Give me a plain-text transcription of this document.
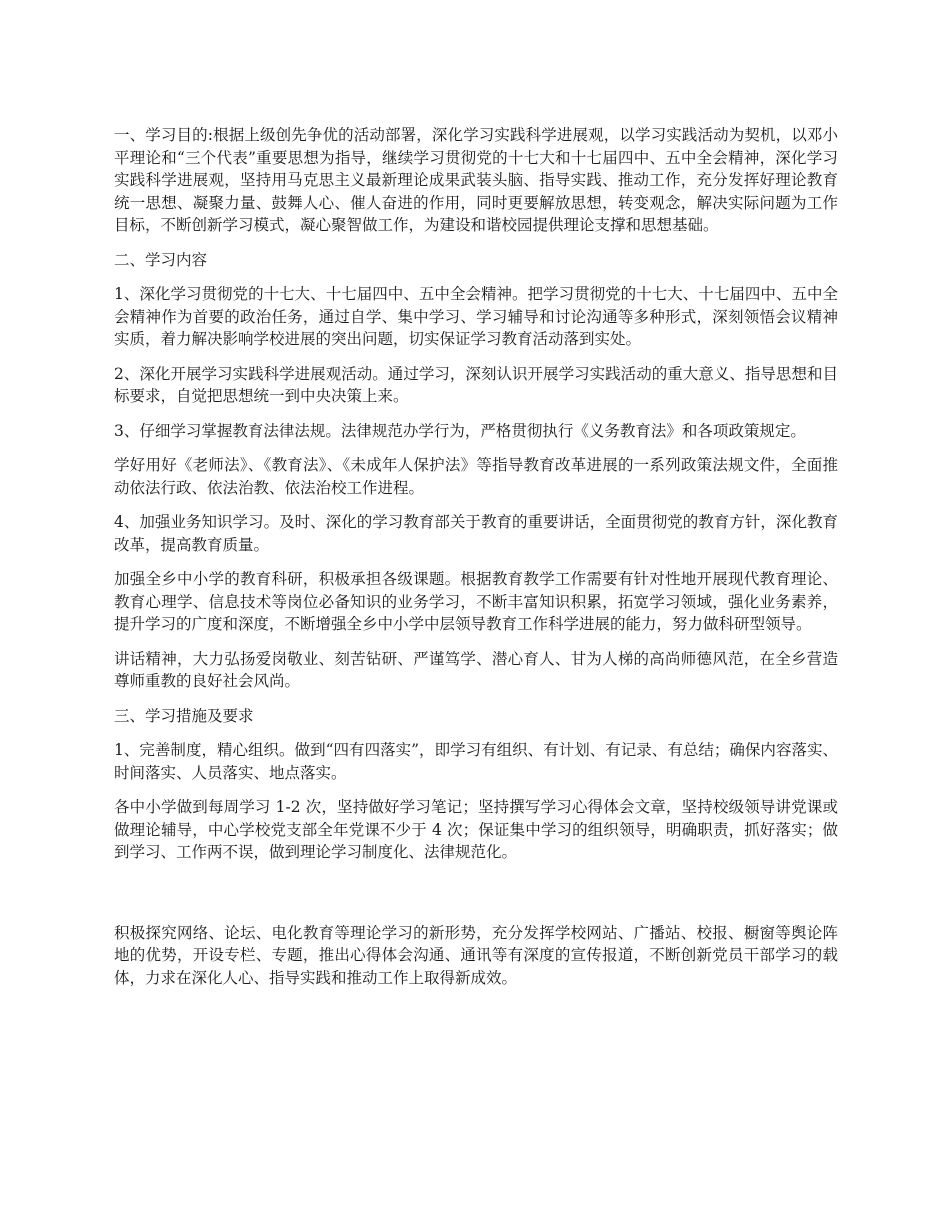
一、学习目的:根据上级创先争优的活动部署，深化学习实践科学进展观，以学习实践活动为契机，以邓小平理论和“三个代表”重要思想为指导，继续学习贯彻党的十七大和十七届四中、五中全会精神，深化学习实践科学进展观，坚持用马克思主义最新理论成果武装头脑、指导实践、推动工作，充分发挥好理论教育统一思想、凝聚力量、鼓舞人心、催人奋进的作用，同时更要解放思想，转变观念，解决实际问题为工作目标，不断创新学习模式，凝心聚智做工作，为建设和谐校园提供理论支撑和思想基础。

二、学习内容

1、深化学习贯彻党的十七大、十七届四中、五中全会精神。把学习贯彻党的十七大、十七届四中、五中全会精神作为首要的政治任务，通过自学、集中学习、学习辅导和讨论沟通等多种形式，深刻领悟会议精神实质，着力解决影响学校进展的突出问题，切实保证学习教育活动落到实处。

2、深化开展学习实践科学进展观活动。通过学习，深刻认识开展学习实践活动的重大意义、指导思想和目标要求，自觉把思想统一到中央决策上来。

3、仔细学习掌握教育法律法规。法律规范办学行为，严格贯彻执行《义务教育法》和各项政策规定。

学好用好《老师法》、《教育法》、《未成年人保护法》等指导教育改革进展的一系列政策法规文件，全面推动依法行政、依法治教、依法治校工作进程。

4、加强业务知识学习。及时、深化的学习教育部关于教育的重要讲话，全面贯彻党的教育方针，深化教育改革，提高教育质量。

加强全乡中小学的教育科研，积极承担各级课题。根据教育教学工作需要有针对性地开展现代教育理论、教育心理学、信息技术等岗位必备知识的业务学习，不断丰富知识积累，拓宽学习领域，强化业务素养，提升学习的广度和深度，不断增强全乡中小学中层领导教育工作科学进展的能力，努力做科研型领导。

讲话精神，大力弘扬爱岗敬业、刻苦钻研、严谨笃学、潜心育人、甘为人梯的高尚师德风范，在全乡营造尊师重教的良好社会风尚。

三、学习措施及要求

1、完善制度，精心组织。做到“四有四落实”，即学习有组织、有计划、有记录、有总结；确保内容落实、时间落实、人员落实、地点落实。

各中小学做到每周学习 1-2 次，坚持做好学习笔记；坚持撰写学习心得体会文章，坚持校级领导讲党课或做理论辅导，中心学校党支部全年党课不少于 4 次；保证集中学习的组织领导，明确职责，抓好落实；做到学习、工作两不误，做到理论学习制度化、法律规范化。

积极探究网络、论坛、电化教育等理论学习的新形势，充分发挥学校网站、广播站、校报、橱窗等舆论阵地的优势，开设专栏、专题，推出心得体会沟通、通讯等有深度的宣传报道，不断创新党员干部学习的载体，力求在深化人心、指导实践和推动工作上取得新成效。
